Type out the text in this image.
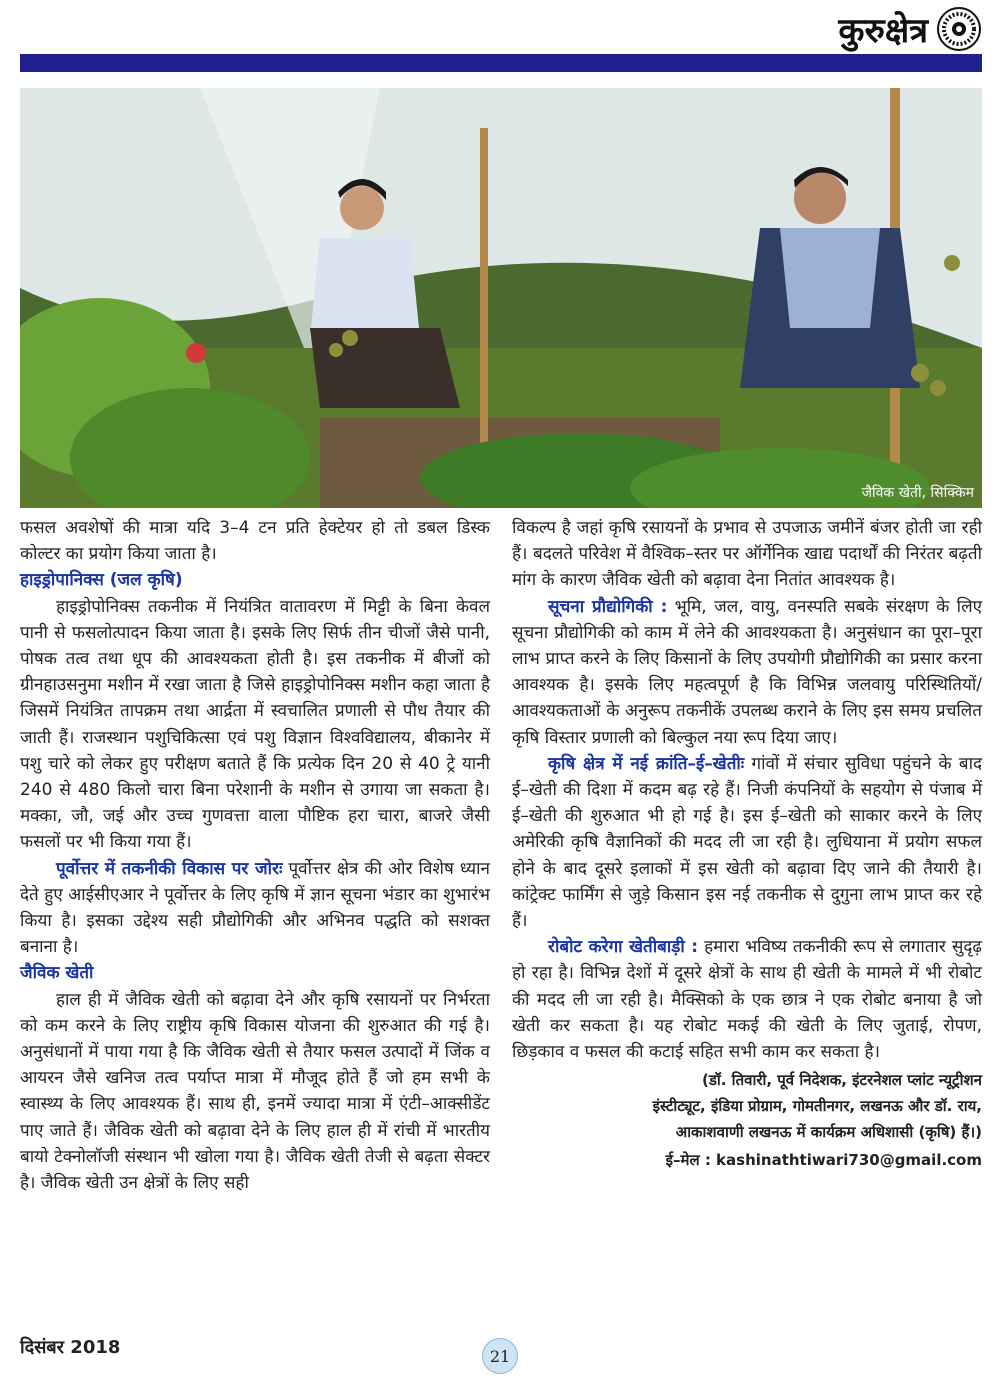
कुरुक्षेत्र
जैविक खेती, सिक्किम

फसल अवशेषों की मात्रा यदि 3–4 टन प्रति हेक्टेयर हो तो डबल डिस्क कोल्टर का प्रयोग किया जाता है।

हाइड्रोपानिक्स (जल कृषि)

हाइड्रोपोनिक्स तकनीक में नियंत्रित वातावरण में मिट्टी के बिना केवल पानी से फसलोत्पादन किया जाता है। इसके लिए सिर्फ तीन चीजों जैसे पानी, पोषक तत्व तथा धूप की आवश्यकता होती है। इस तकनीक में बीजों को ग्रीनहाउसनुमा मशीन में रखा जाता है जिसे हाइड्रोपोनिक्स मशीन कहा जाता है जिसमें नियंत्रित तापक्रम तथा आर्द्रता में स्वचालित प्रणाली से पौध तैयार की जाती हैं। राजस्थान पशुचिकित्सा एवं पशु विज्ञान विश्वविद्यालय, बीकानेर में पशु चारे को लेकर हुए परीक्षण बताते हैं कि प्रत्येक दिन 20 से 40 ट्रे यानी 240 से 480 किलो चारा बिना परेशानी के मशीन से उगाया जा सकता है। मक्का, जौ, जई और उच्च गुणवत्ता वाला पौष्टिक हरा चारा, बाजरे जैसी फसलों पर भी किया गया हैं।

पूर्वोत्तर में तकनीकी विकास पर जोरः पूर्वोत्तर क्षेत्र की ओर विशेष ध्यान देते हुए आईसीएआर ने पूर्वोत्तर के लिए कृषि में ज्ञान सूचना भंडार का शुभारंभ किया है। इसका उद्देश्य सही प्रौद्योगिकी और अभिनव पद्धति को सशक्त बनाना है।

जैविक खेती

हाल ही में जैविक खेती को बढ़ावा देने और कृषि रसायनों पर निर्भरता को कम करने के लिए राष्ट्रीय कृषि विकास योजना की शुरुआत की गई है। अनुसंधानों में पाया गया है कि जैविक खेती से तैयार फसल उत्पादों में जिंक व आयरन जैसे खनिज तत्व पर्याप्त मात्रा में मौजूद होते हैं जो हम सभी के स्वास्थ्य के लिए आवश्यक हैं। साथ ही, इनमें ज्यादा मात्रा में एंटी–आक्सीडेंट पाए जाते हैं। जैविक खेती को बढ़ावा देने के लिए हाल ही में रांची में भारतीय बायो टेक्नोलॉजी संस्थान भी खोला गया है। जैविक खेती तेजी से बढ़ता सेक्टर है। जैविक खेती उन क्षेत्रों के लिए सही

विकल्प है जहां कृषि रसायनों के प्रभाव से उपजाऊ जमीनें बंजर होती जा रही हैं। बदलते परिवेश में वैश्विक–स्तर पर ऑर्गेनिक खाद्य पदार्थों की निरंतर बढ़ती मांग के कारण जैविक खेती को बढ़ावा देना नितांत आवश्यक है।

सूचना प्रौद्योगिकी : भूमि, जल, वायु, वनस्पति सबके संरक्षण के लिए सूचना प्रौद्योगिकी को काम में लेने की आवश्यकता है। अनुसंधान का पूरा–पूरा लाभ प्राप्त करने के लिए किसानों के लिए उपयोगी प्रौद्योगिकी का प्रसार करना आवश्यक है। इसके लिए महत्वपूर्ण है कि विभिन्न जलवायु परिस्थितियों/आवश्यकताओं के अनुरूप तकनीकें उपलब्ध कराने के लिए इस समय प्रचलित कृषि विस्तार प्रणाली को बिल्कुल नया रूप दिया जाए।

कृषि क्षेत्र में नई क्रांति–ई–खेतीः गांवों में संचार सुविधा पहुंचने के बाद ई–खेती की दिशा में कदम बढ़ रहे हैं। निजी कंपनियों के सहयोग से पंजाब में ई–खेती की शुरुआत भी हो गई है। इस ई–खेती को साकार करने के लिए अमेरिकी कृषि वैज्ञानिकों की मदद ली जा रही है। लुधियाना में प्रयोग सफल होने के बाद दूसरे इलाकों में इस खेती को बढ़ावा दिए जाने की तैयारी है। कांट्रेक्ट फार्मिंग से जुड़े किसान इस नई तकनीक से दुगुना लाभ प्राप्त कर रहे हैं।

रोबोट करेगा खेतीबाड़ी : हमारा भविष्य तकनीकी रूप से लगातार सुदृढ़ हो रहा है। विभिन्न देशों में दूसरे क्षेत्रों के साथ ही खेती के मामले में भी रोबोट की मदद ली जा रही है। मैक्सिको के एक छात्र ने एक रोबोट बनाया है जो खेती कर सकता है। यह रोबोट मकई की खेती के लिए जुताई, रोपण, छिड़काव व फसल की कटाई सहित सभी काम कर सकता है।

(डॉ. तिवारी, पूर्व निदेशक, इंटरनेशल प्लांट न्यूट्रीशन
इंस्टीट्यूट, इंडिया प्रोग्राम, गोमतीनगर, लखनऊ और डॉ. राय,
आकाशवाणी लखनऊ में कार्यक्रम अधिशासी (कृषि) हैं।)
ई–मेल : kashinathtiwari730@gmail.com
दिसंबर 2018	21
